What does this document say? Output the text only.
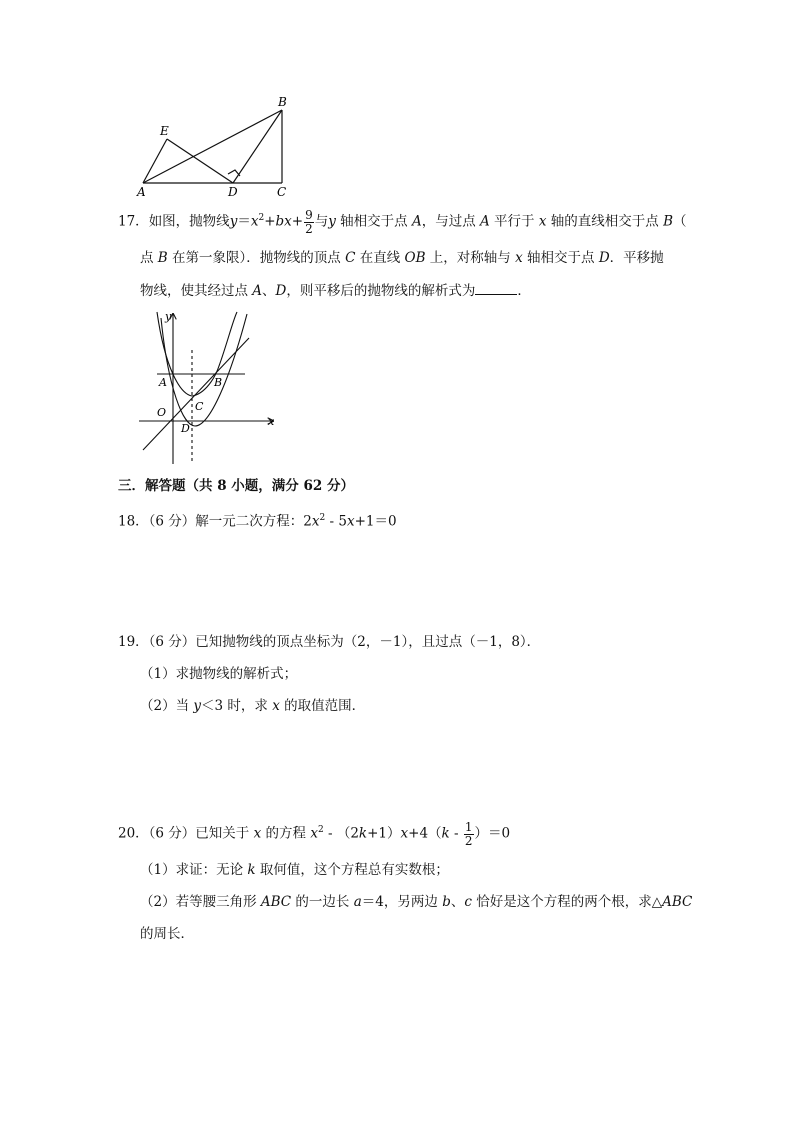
A
B
C
D
E
17．如图，抛物线$y=x^2+bx+ \frac{9}{2}$ 与y 轴相交于点 A，与过点 A 平行于 x 轴的直线相交于点 B（
点 B 在第一象限）．抛物线的顶点 C 在直线 OB 上，对称轴与 x 轴相交于点 D．平移抛
物线，使其经过点 A、D，则平移后的抛物线的解析式为	．
y
x
A	B
C
O
D
三．解答题（共 8 小题，满分 62 分）
18．（6 分）解一元二次方程：$2x^2 - 5x+1=0$
19．（6 分）已知抛物线的顶点坐标为（2，－1），且过点（－1，8）．
（1）求抛物线的解析式；
（2）当 y＜3 时，求 x 的取值范围．
20．（6 分）已知关于 x 的方程 $x^2 - (2k+1)x+4(k - \frac{1}{2} )=0$
（1）求证：无论 k 取何值，这个方程总有实数根；
（2）若等腰三角形 ABC 的一边长 a＝4，另两边 b、c 恰好是这个方程的两个根，求△ABC
的周长．
